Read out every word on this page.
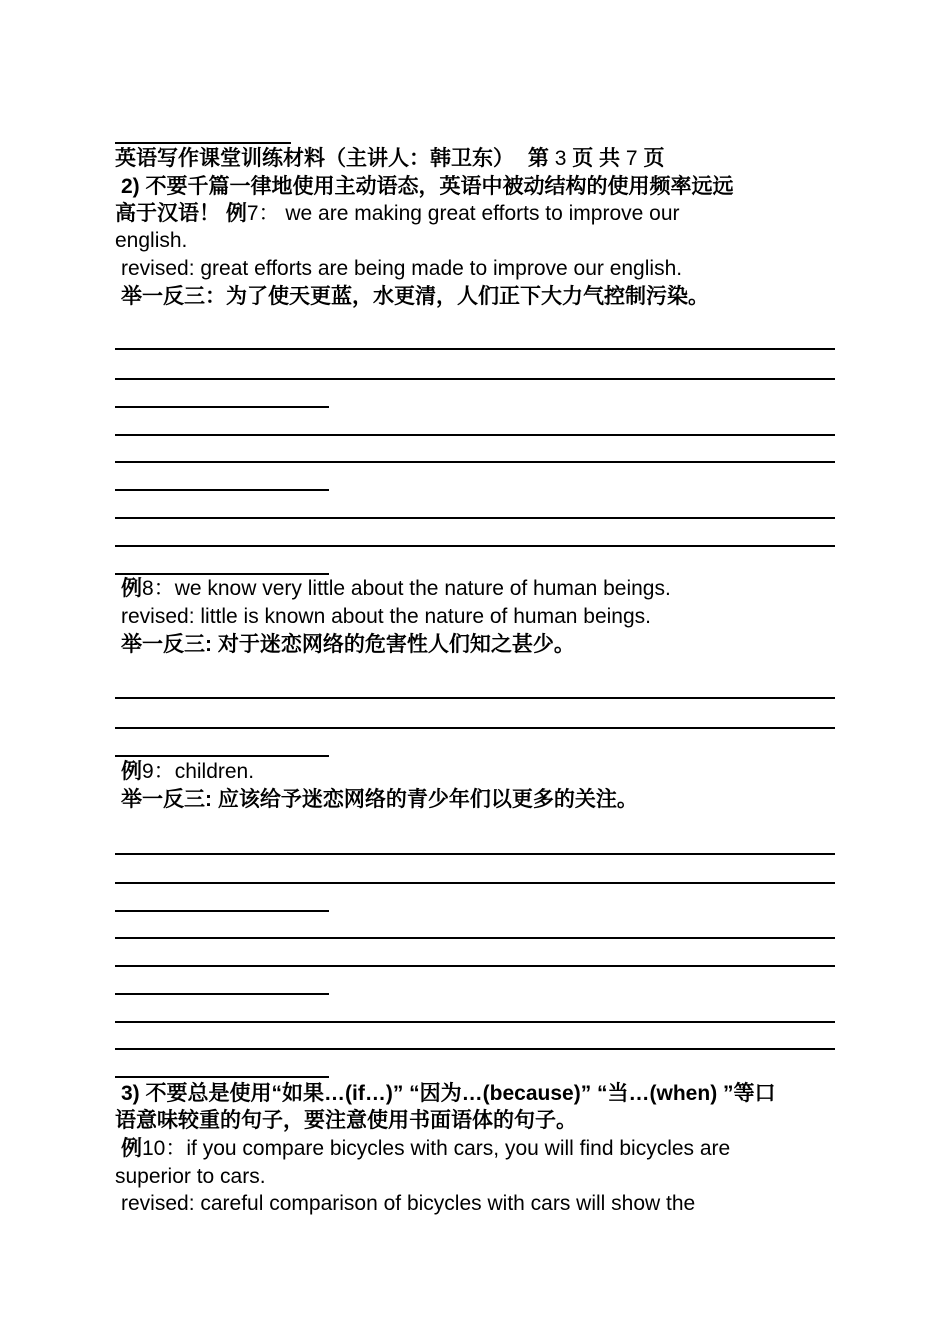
英语写作课堂训练材料（主讲人：韩卫东） 第 3 页 共 7 页
2) 不要千篇一律地使用主动语态，英语中被动结构的使用频率远远
高于汉语！ 例7： we are making great efforts to improve our
english.
revised: great efforts are being made to improve our english.
举一反三：为了使天更蓝，水更清，人们正下大力气控制污染。
例8：we know very little about the nature of human beings.
revised: little is known about the nature of human beings.
举一反三: 对于迷恋网络的危害性人们知之甚少。
例9：children.
举一反三: 应该给予迷恋网络的青少年们以更多的关注。
3) 不要总是使用“如果…(if…)” “因为…(because)” “当…(when) ”等口
语意味较重的句子，要注意使用书面语体的句子。
例10：if you compare bicycles with cars, you will find bicycles are
superior to cars.
revised: careful comparison of bicycles with cars will show the
